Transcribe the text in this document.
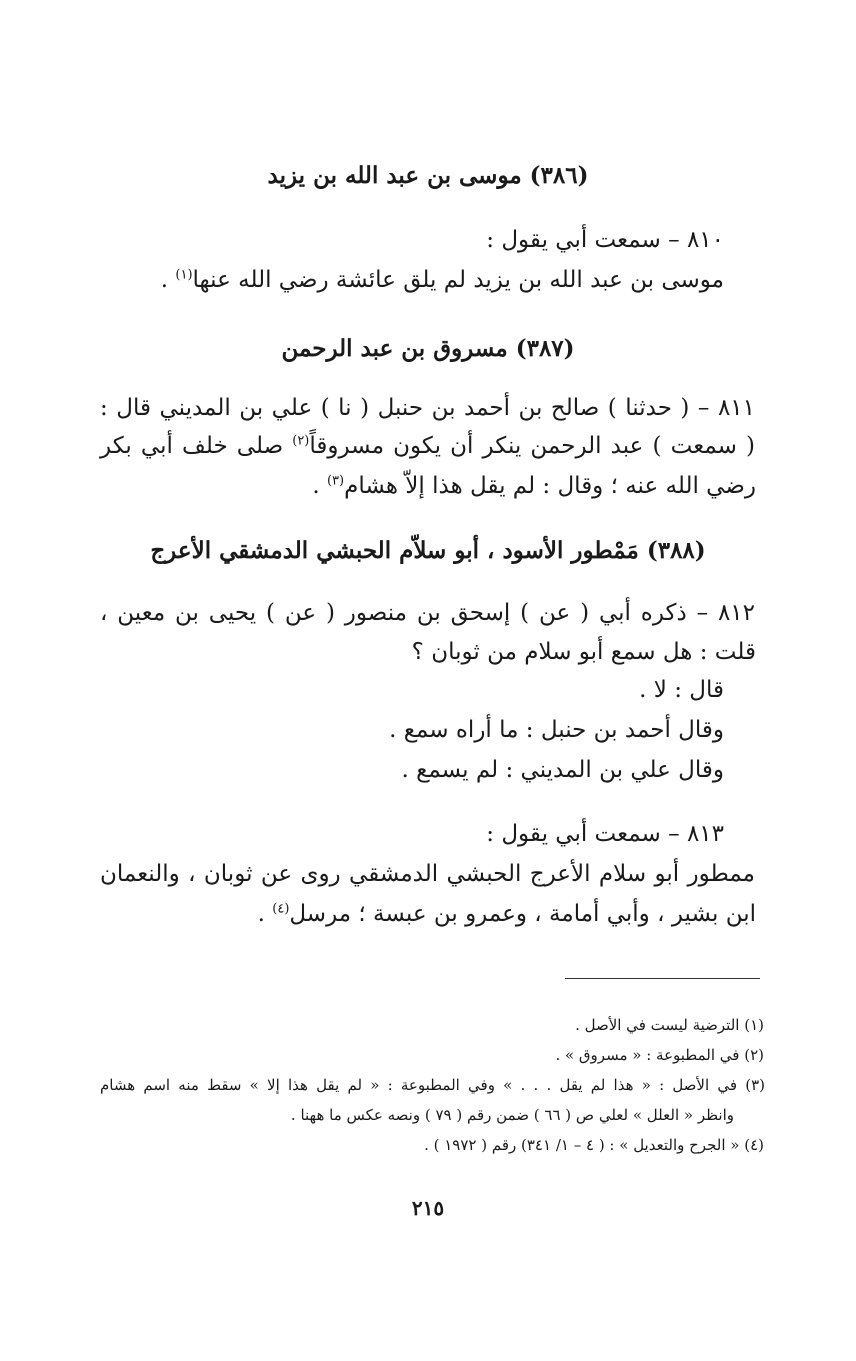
(٣٨٦) موسى بن عبد الله بن يزيد
٨١٠ – سمعت أبي يقول :
موسى بن عبد الله بن يزيد لم يلق عائشة رضي الله عنها$^{(١)}$ .
(٣٨٧) مسروق بن عبد الرحمن
٨١١ – ( حدثنا ) صالح بن أحمد بن حنبل ( نا ) علي بن المديني قال :
( سمعت ) عبد الرحمن ينكر أن يكون مسروقاً$^{(٢)}$ صلى خلف أبي بكر
رضي الله عنه ؛ وقال : لم يقل هذا إلاّ هشام$^{(٣)}$ .
(٣٨٨) مَمْطور الأسود ، أبو سلاّم الحبشي الدمشقي الأعرج
٨١٢ – ذكره أبي ( عن ) إسحق بن منصور ( عن ) يحيى بن معين ،
قلت : هل سمع أبو سلام من ثوبان ؟
قال : لا .
وقال أحمد بن حنبل : ما أراه سمع .
وقال علي بن المديني : لم يسمع .
٨١٣ – سمعت أبي يقول :
ممطور أبو سلام الأعرج الحبشي الدمشقي روى عن ثوبان ، والنعمان
ابن بشير ، وأبي أمامة ، وعمرو بن عبسة ؛ مرسل$^{(٤)}$ .
(١) الترضية ليست في الأصل .
(٢) في المطبوعة : « مسروق » .
(٣) في الأصل : « هذا لم يقل . . . » وفي المطبوعة : « لم يقل هذا إلا » سقط منه اسم هشام
وانظر « العلل » لعلي ص ( ٦٦ ) ضمن رقم ( ٧٩ ) ونصه عكس ما ههنا .
(٤) « الجرح والتعديل » : ( ٤ – ١/ ٣٤١) رقم ( ١٩٧٢ ) .
٢١٥
